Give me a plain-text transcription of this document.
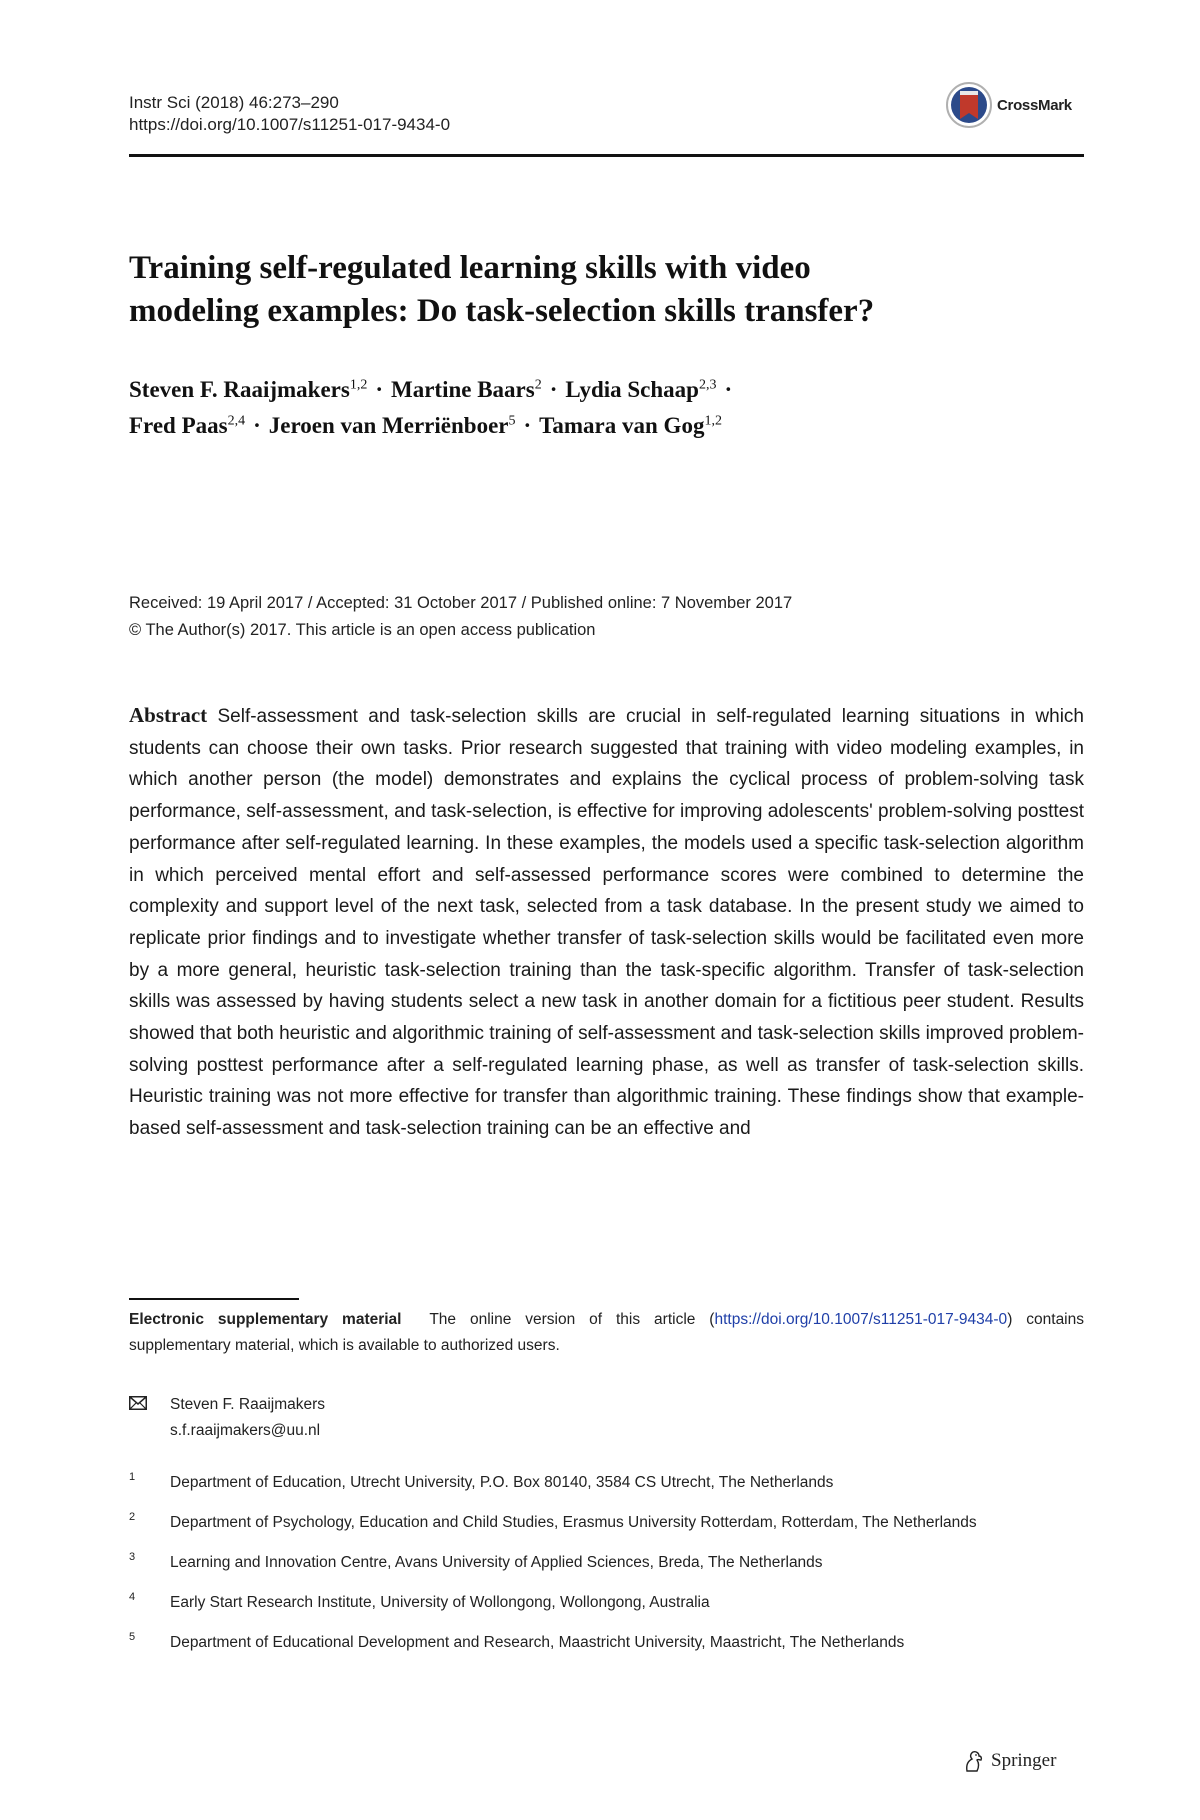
Instr Sci (2018) 46:273–290
https://doi.org/10.1007/s11251-017-9434-0
CrossMark
Training self-regulated learning skills with video
modeling examples: Do task-selection skills transfer?
Steven F. Raaijmakers$^{1,2}$ · Martine Baars$^2$ · Lydia Schaap$^{2,3}$ ·
Fred Paas$^{2,4}$ · Jeroen van Merriënboer$^5$ · Tamara van Gog$^{1,2}$
Received: 19 April 2017 / Accepted: 31 October 2017 / Published online: 7 November 2017
© The Author(s) 2017. This article is an open access publication
Abstract Self-assessment and task-selection skills are crucial in self-regulated learning situations in which students can choose their own tasks. Prior research suggested that training with video modeling examples, in which another person (the model) demonstrates and explains the cyclical process of problem-solving task performance, self-assessment, and task-selection, is effective for improving adolescents' problem-solving posttest performance after self-regulated learning. In these examples, the models used a specific task-selection algorithm in which perceived mental effort and self-assessed performance scores were combined to determine the complexity and support level of the next task, selected from a task database. In the present study we aimed to replicate prior findings and to investigate whether transfer of task-selection skills would be facilitated even more by a more general, heuristic task-selection training than the task-specific algorithm. Transfer of task-selection skills was assessed by having students select a new task in another domain for a fictitious peer student. Results showed that both heuristic and algorithmic training of self-assessment and task-selection skills improved problem-solving posttest performance after a self-regulated learning phase, as well as transfer of task-selection skills. Heuristic training was not more effective for transfer than algorithmic training. These findings show that example-based self-assessment and task-selection training can be an effective and
Electronic supplementary material The online version of this article (https://doi.org/10.1007/s11251-017-9434-0) contains supplementary material, which is available to authorized users.
Steven F. Raaijmakers
s.f.raaijmakers@uu.nl
1 Department of Education, Utrecht University, P.O. Box 80140, 3584 CS Utrecht, The Netherlands
2 Department of Psychology, Education and Child Studies, Erasmus University Rotterdam, Rotterdam, The Netherlands
3 Learning and Innovation Centre, Avans University of Applied Sciences, Breda, The Netherlands
4 Early Start Research Institute, University of Wollongong, Wollongong, Australia
5 Department of Educational Development and Research, Maastricht University, Maastricht, The Netherlands
Springer
